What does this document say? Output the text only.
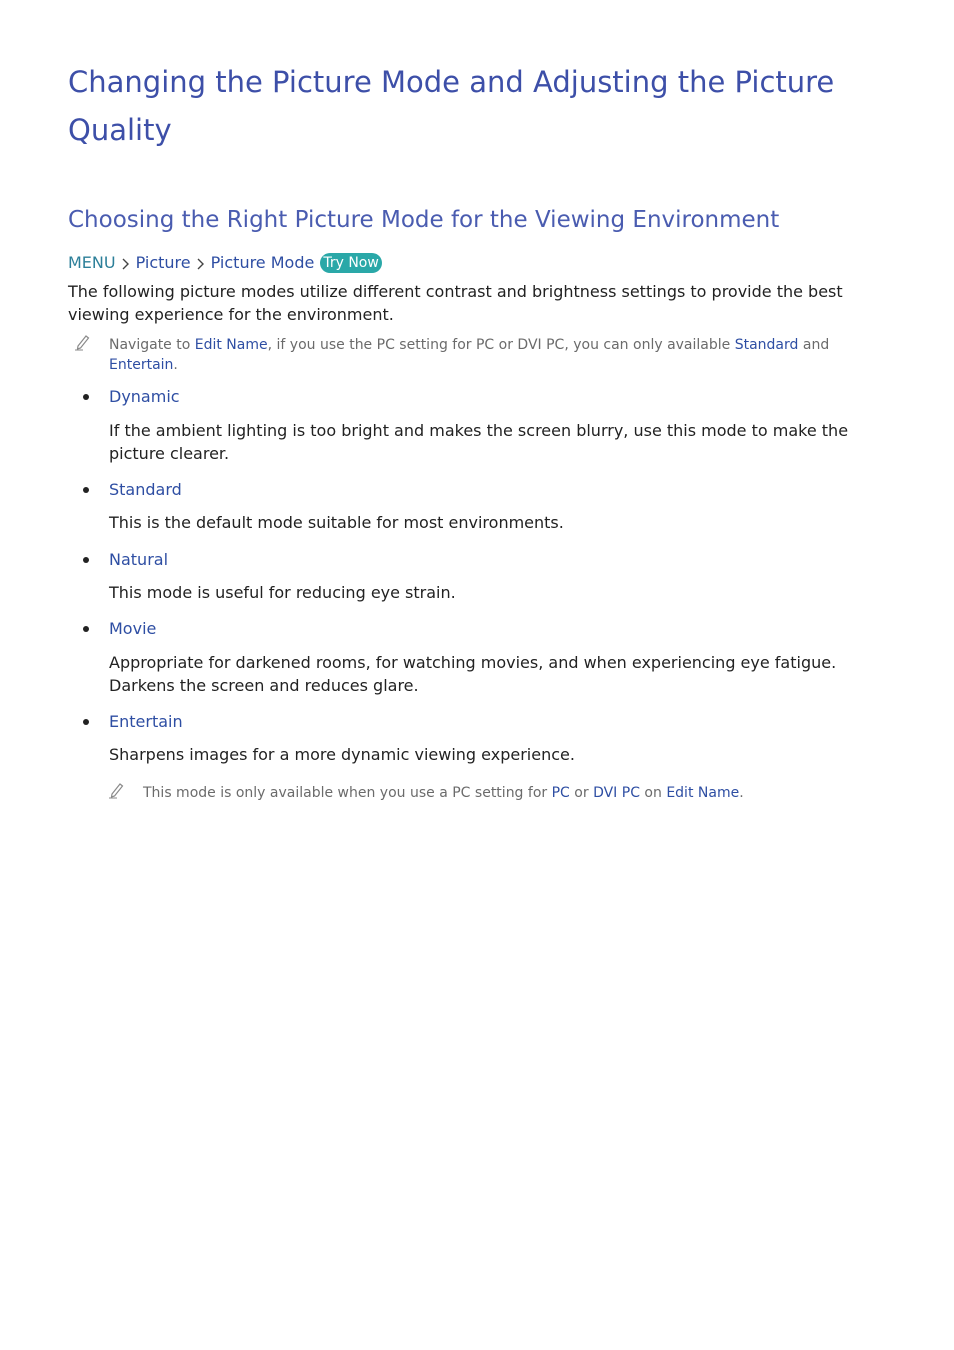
Changing the Picture Mode and Adjusting the Picture Quality
Choosing the Right Picture Mode for the Viewing Environment
MENU Picture Picture Mode Try Now

The following picture modes utilize different contrast and brightness settings to provide the best viewing experience for the environment.

Navigate to Edit Name, if you use the PC setting for PC or DVI PC, you can only available Standard and
Entertain.

Dynamic

If the ambient lighting is too bright and makes the screen blurry, use this mode to make the picture clearer.

Standard

This is the default mode suitable for most environments.

Natural

This mode is useful for reducing eye strain.

Movie

Appropriate for darkened rooms, for watching movies, and when experiencing eye fatigue. Darkens the screen and reduces glare.

Entertain

Sharpens images for a more dynamic viewing experience.

This mode is only available when you use a PC setting for PC or DVI PC on Edit Name.
